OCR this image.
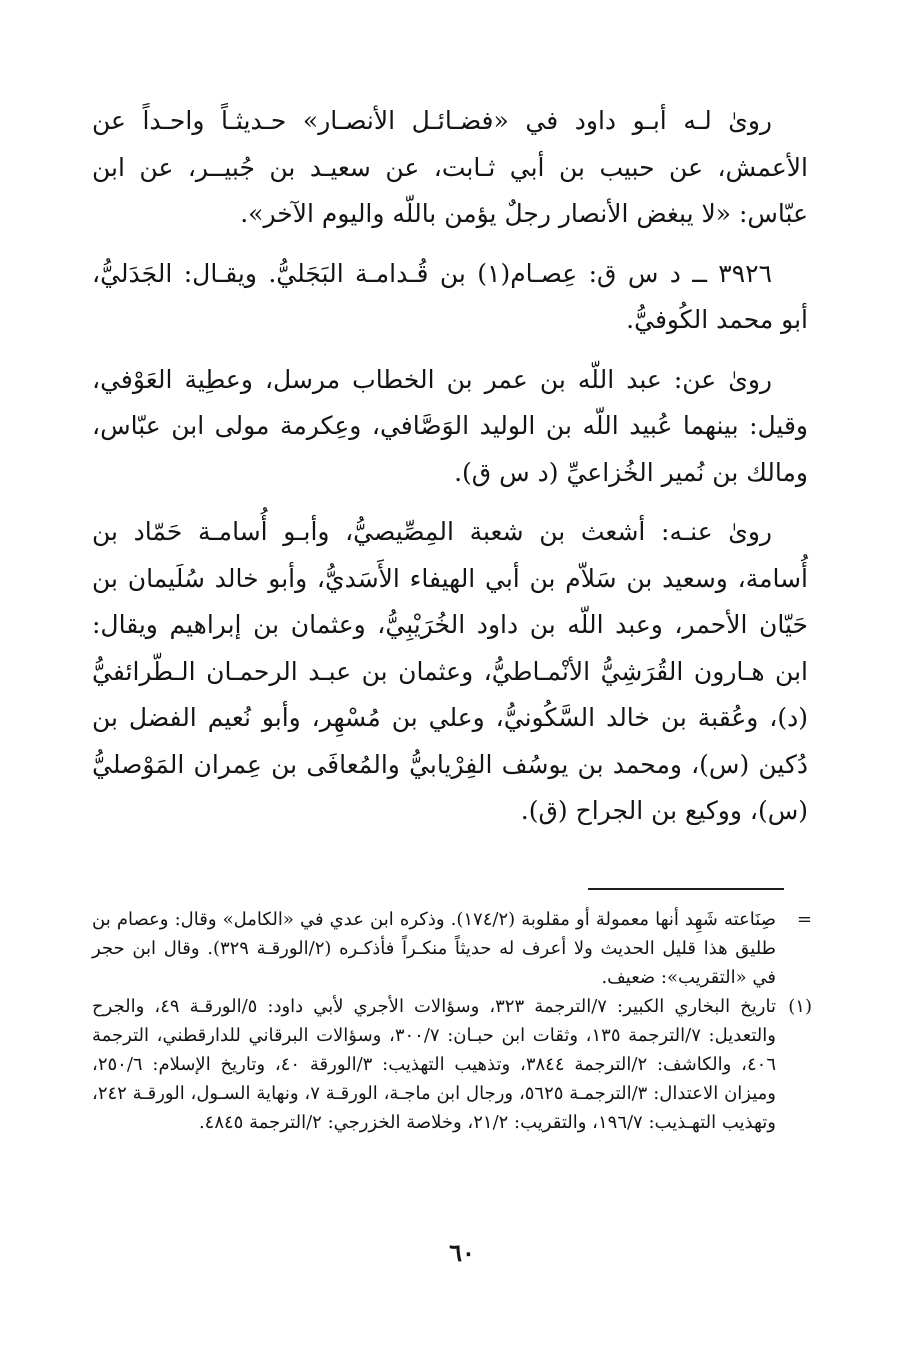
روىٰ لـه أبـو داود في «فضـائـل الأنصـار» حـديثـاً واحـداً عن الأعمش، عن حبيب بن أبي ثـابت، عن سعيـد بن جُبيــر، عن ابن عبّاس: «لا يبغض الأنصار رجلٌ يؤمن باللّه واليوم الآخر».

٣٩٢٦ ــ د س ق: عِصـام(١) بن قُـدامـة البَجَليُّ. ويقـال: الجَدَليُّ، أبو محمد الكُوفيُّ.

روىٰ عن: عبد اللّه بن عمر بن الخطاب مرسل، وعطِية العَوْفي، وقيل: بينهما عُبيد اللّه بن الوليد الوَصَّافي، وعِكرمة مولى ابن عبّاس، ومالك بن نُمير الخُزاعيِّ (د س ق).

روىٰ عنـه: أشعث بن شعبة المِصِّيصيُّ، وأبـو أُسامـة حَمّاد بن أُسامة، وسعيد بن سَلاّم بن أبي الهيفاء الأَسَديُّ، وأبو خالد سُلَيمان بن حَيّان الأحمر، وعبد اللّه بن داود الخُرَيْبِيُّ، وعثمان بن إبراهيم ويقال: ابن هـارون القُرَشِيُّ الأنْمـاطيُّ، وعثمان بن عبـد الرحمـان الـطّرائفيُّ (د)، وعُقبة بن خالد السَّكُونيُّ، وعلي بن مُسْهِر، وأبو نُعيم الفضل بن دُكين (س)، ومحمد بن يوسُف الفِرْيابيُّ والمُعافَى بن عِمران المَوْصليُّ (س)، ووكيع بن الجراح (ق).

=
صِنَاعته شَهِد أنها معمولة أو مقلوبة (١٧٤/٢). وذكره ابن عدي في «الكامل» وقال: وعصام بن طليق هذا قليل الحديث ولا أعرف له حديثاً منكـراً فأذكـره (٢/الورقـة ٣٢٩). وقال ابن حجر في «التقريب»: ضعيف.

(١)
تاريخ البخاري الكبير: ٧/الترجمة ٣٢٣، وسؤالات الأجري لأبي داود: ٥/الورقـة ٤٩، والجرح والتعديل: ٧/الترجمة ١٣٥، وثقات ابن حبـان: ٣٠٠/٧، وسؤالات البرقاني للدارقطني، الترجمة ٤٠٦، والكاشف: ٢/الترجمة ٣٨٤٤، وتذهيب التهذيب: ٣/الورقة ٤٠، وتاريخ الإسلام: ٢٥٠/٦، وميزان الاعتدال: ٣/الترجمـة ٥٦٢٥، ورجال ابن ماجـة، الورقـة ٧، ونهاية السـول، الورقـة ٢٤٢، وتهذيب التهـذيب: ١٩٦/٧، والتقريب: ٢١/٢، وخلاصة الخزرجي: ٢/الترجمة ٤٨٤٥.

٦٠
